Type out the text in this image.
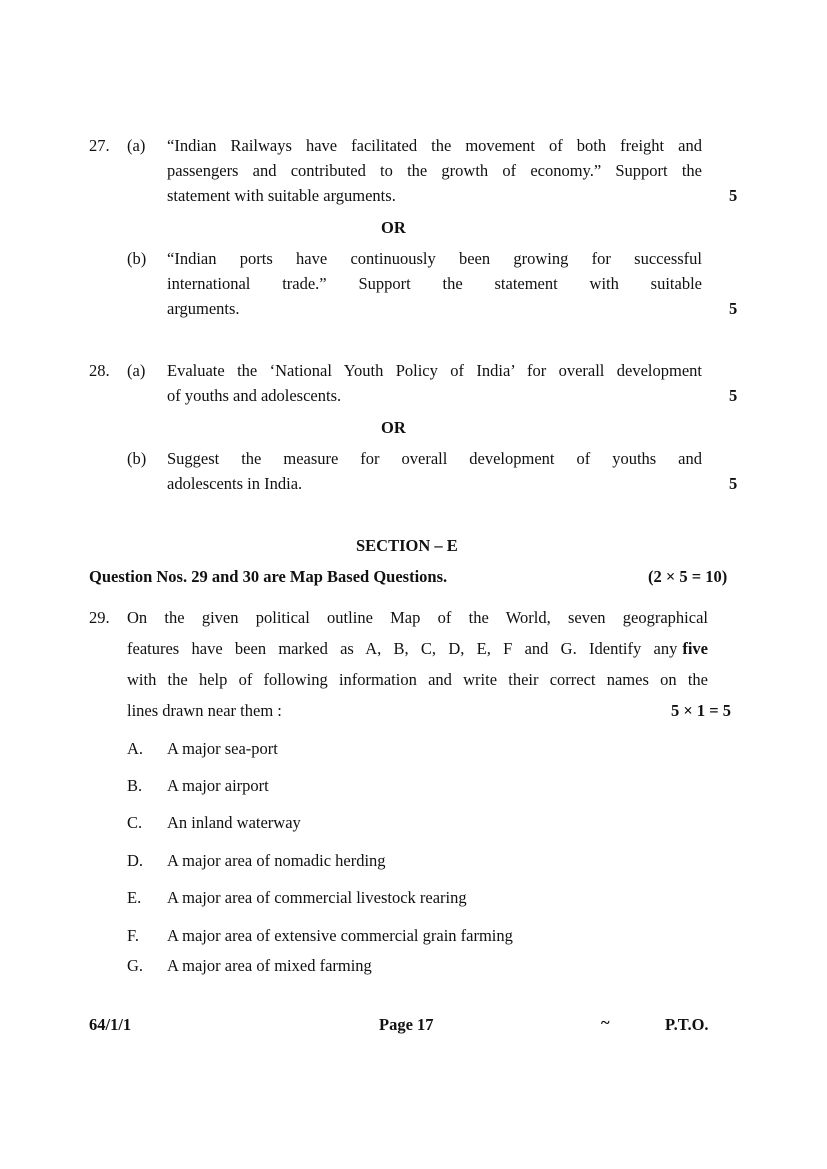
27. (a) “Indian Railways have facilitated the movement of both freight and
passengers and contributed to the growth of economy.” Support the
statement with suitable arguments.	5
OR
(b) “Indian ports have continuously been growing for successful
international trade.” Support the statement with suitable
arguments.	5
28. (a) Evaluate the ‘National Youth Policy of India’ for overall development
of youths and adolescents.	5
OR
(b) Suggest the measure for overall development of youths and
adolescents in India.	5
SECTION – E
Question Nos. 29 and 30 are Map Based Questions.	(2 × 5 = 10)
29. On the given political outline Map of the World, seven geographical
features have been marked as A, B, C, D, E, F and G. Identify any five
with the help of following information and write their correct names on the
lines drawn near them :	5 × 1 = 5
A. A major sea-port
B. A major airport
C. An inland waterway
D. A major area of nomadic herding
E. A major area of commercial livestock rearing
F. A major area of extensive commercial grain farming
G. A major area of mixed farming
64/1/1	Page 17	~	P.T.O.
